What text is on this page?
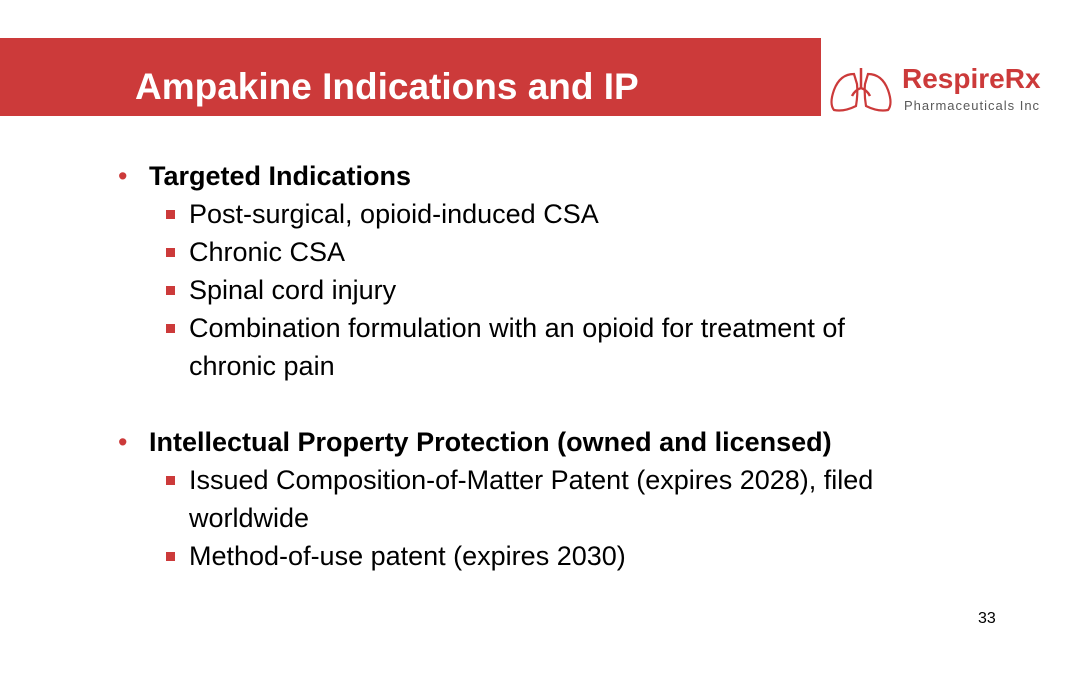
Ampakine Indications and IP	RespireRx
Pharmaceuticals Inc
• Targeted Indications
Post-surgical, opioid-induced CSA
Chronic CSA
Spinal cord injury
Combination formulation with an opioid for treatment of chronic pain
• Intellectual Property Protection (owned and licensed)
Issued Composition-of-Matter Patent (expires 2028), filed worldwide
Method-of-use patent (expires 2030)
33
